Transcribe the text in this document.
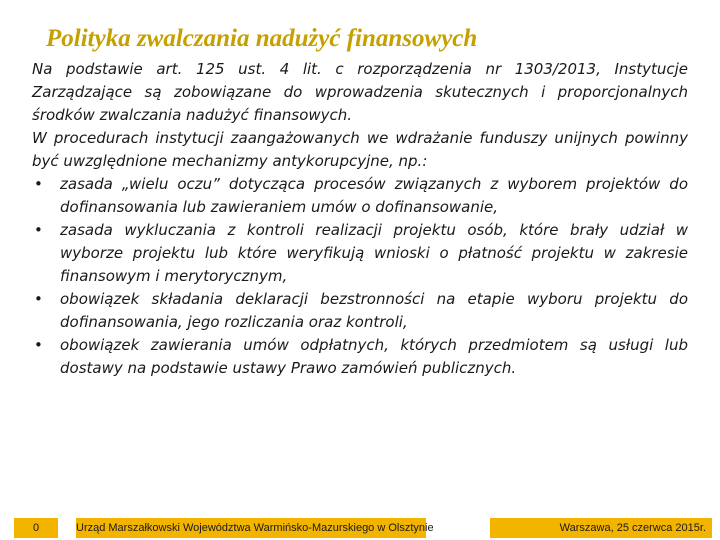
Polityka zwalczania nadużyć finansowych

Na podstawie art. 125 ust. 4 lit. c rozporządzenia nr 1303/2013, Instytucje Zarządzające są zobowiązane do wprowadzenia skutecznych i proporcjonalnych środków zwalczania nadużyć finansowych.

W procedurach instytucji zaangażowanych we wdrażanie funduszy unijnych powinny być uwzględnione mechanizmy antykorupcyjne, np.:

• zasada „wielu oczu” dotycząca procesów związanych z wyborem projektów do dofinansowania lub zawieraniem umów o dofinansowanie,
• zasada wykluczania z kontroli realizacji projektu osób, które brały udział w wyborze projektu lub które weryfikują wnioski o płatność projektu w zakresie finansowym i merytorycznym,
• obowiązek składania deklaracji bezstronności na etapie wyboru projektu do dofinansowania, jego rozliczania oraz kontroli,
• obowiązek zawierania umów odpłatnych, których przedmiotem są usługi lub dostawy na podstawie ustawy Prawo zamówień publicznych.
0	Urząd Marszałkowski Województwa Warmińsko-Mazurskiego w Olsztynie	Warszawa, 25 czerwca 2015r.
